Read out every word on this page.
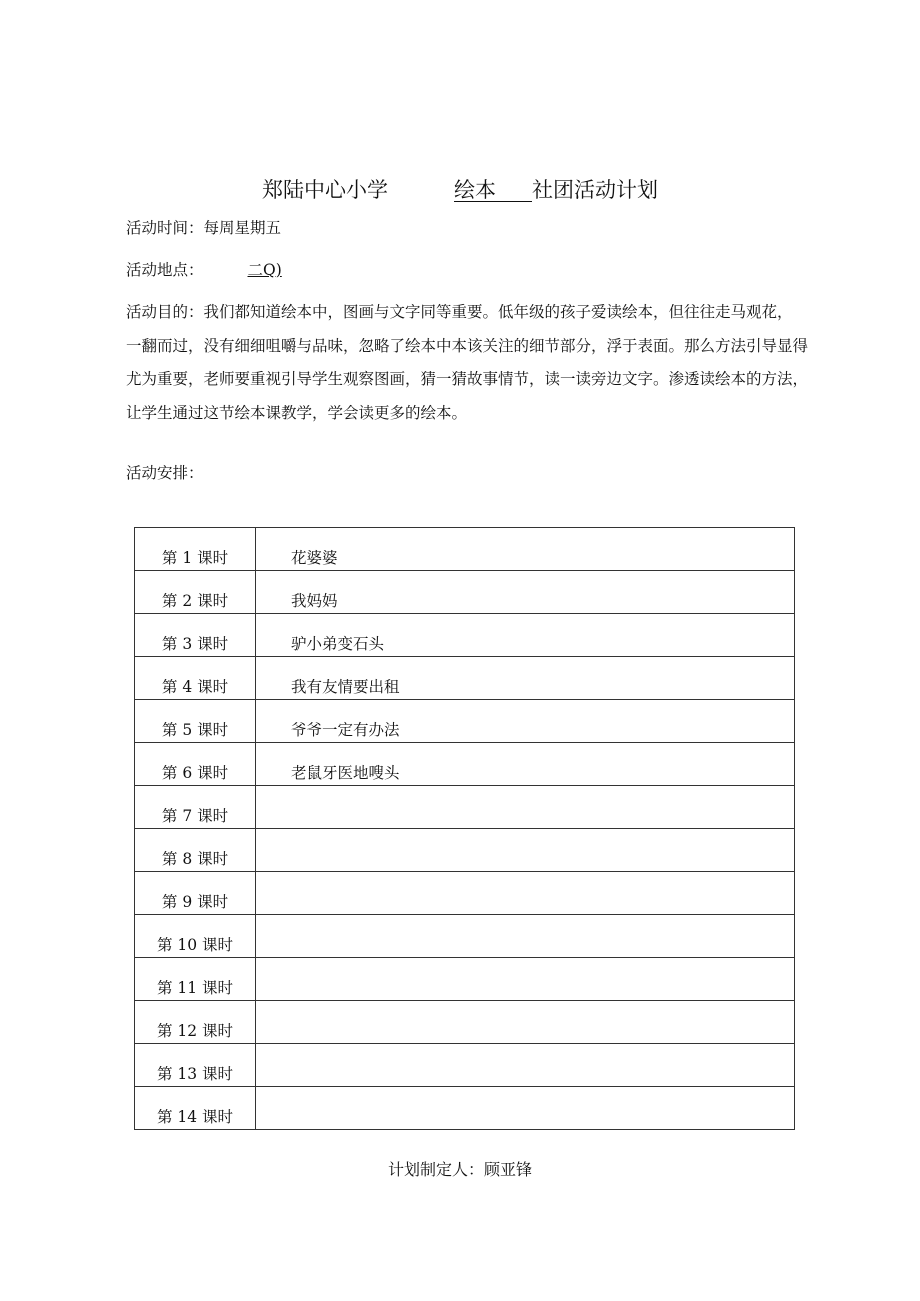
郑陆中心小学	绘本 社团活动计划
活动时间：每周星期五
活动地点：	二Q)

活动目的：我们都知道绘本中，图画与文字同等重要。低年级的孩子爱读绘本，但往往走马观花，

一翻而过，没有细细咀嚼与品味，忽略了绘本中本该关注的细节部分，浮于表面。那么方法引导显得

尤为重要，老师要重视引导学生观察图画，猜一猜故事情节，读一读旁边文字。渗透读绘本的方法，

让学生通过这节绘本课教学，学会读更多的绘本。

活动安排：
第 1 课时	花婆婆
第 2 课时	我妈妈
第 3 课时	驴小弟变石头
第 4 课时	我有友情要出租
第 5 课时	爷爷一定有办法
第 6 课时	老鼠牙医地嗖头
第 7 课时	
第 8 课时	
第 9 课时	
第 10 课时	
第 11 课时	
第 12 课时	
第 13 课时	
第 14 课时	
计划制定人：顾亚锋
